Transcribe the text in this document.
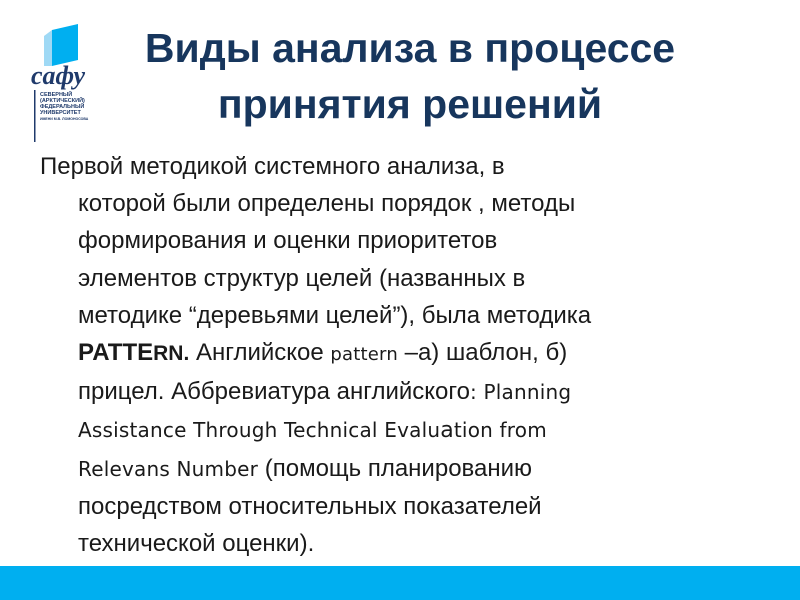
cафу
СЕВЕРНЫЙ
(АРКТИЧЕСКИЙ)
ФЕДЕРАЛЬНЫЙ
УНИВЕРСИТЕТ
ИМЕНИ М.В. ЛОМОНОСОВА
Виды анализа в процессе
принятия решений
Первой методикой системного анализа, в
которой были определены порядок , методы
формирования и оценки приоритетов
элементов структур целей (названных в
методике “деревьями целей”), была методика
PATTERN. Английское pattern –а) шаблон, б)
прицел. Аббревиатура английского: Planning
Assistance Through Technical Evaluation from
Relevans Number (помощь планированию
посредством относительных показателей
технической оценки).
